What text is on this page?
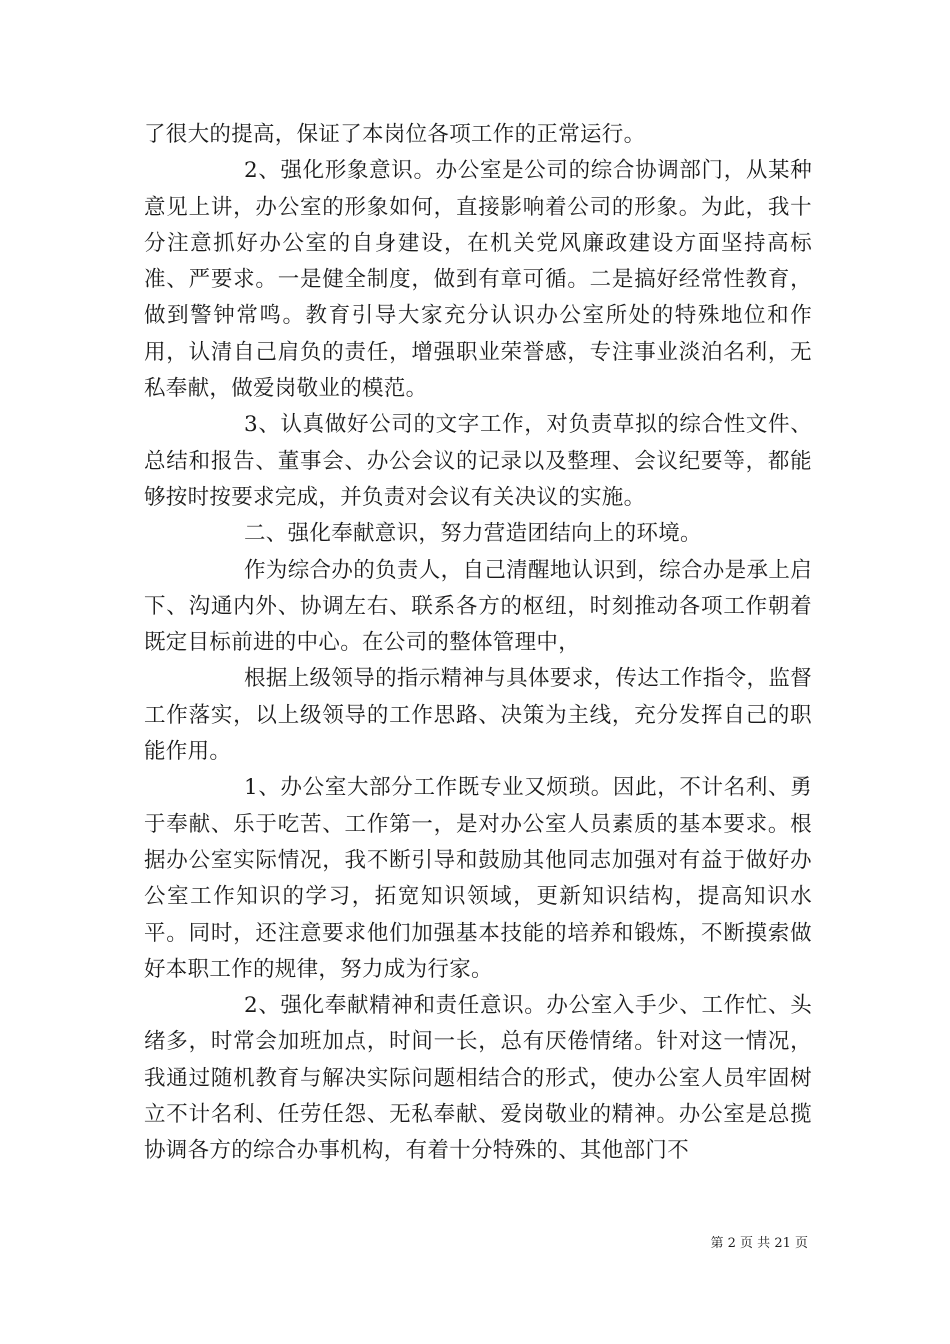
了很大的提高，保证了本岗位各项工作的正常运行。

2、强化形象意识。办公室是公司的综合协调部门，从某种意见上讲，办公室的形象如何，直接影响着公司的形象。为此，我十分注意抓好办公室的自身建设，在机关党风廉政建设方面坚持高标准、严要求。一是健全制度，做到有章可循。二是搞好经常性教育，做到警钟常鸣。教育引导大家充分认识办公室所处的特殊地位和作用，认清自己肩负的责任，增强职业荣誉感，专注事业淡泊名利，无私奉献，做爱岗敬业的模范。

3、认真做好公司的文字工作，对负责草拟的综合性文件、总结和报告、董事会、办公会议的记录以及整理、会议纪要等，都能够按时按要求完成，并负责对会议有关决议的实施。

二、强化奉献意识，努力营造团结向上的环境。

作为综合办的负责人，自己清醒地认识到，综合办是承上启下、沟通内外、协调左右、联系各方的枢纽，时刻推动各项工作朝着既定目标前进的中心。在公司的整体管理中，

根据上级领导的指示精神与具体要求，传达工作指令，监督工作落实，以上级领导的工作思路、决策为主线，充分发挥自己的职能作用。

1、办公室大部分工作既专业又烦琐。因此，不计名利、勇于奉献、乐于吃苦、工作第一，是对办公室人员素质的基本要求。根据办公室实际情况，我不断引导和鼓励其他同志加强对有益于做好办公室工作知识的学习，拓宽知识领域，更新知识结构，提高知识水平。同时，还注意要求他们加强基本技能的培养和锻炼，不断摸索做好本职工作的规律，努力成为行家。

2、强化奉献精神和责任意识。办公室入手少、工作忙、头绪多，时常会加班加点，时间一长，总有厌倦情绪。针对这一情况，我通过随机教育与解决实际问题相结合的形式，使办公室人员牢固树立不计名利、任劳任怨、无私奉献、爱岗敬业的精神。办公室是总揽协调各方的综合办事机构，有着十分特殊的、其他部门不

第 2 页 共 21 页
